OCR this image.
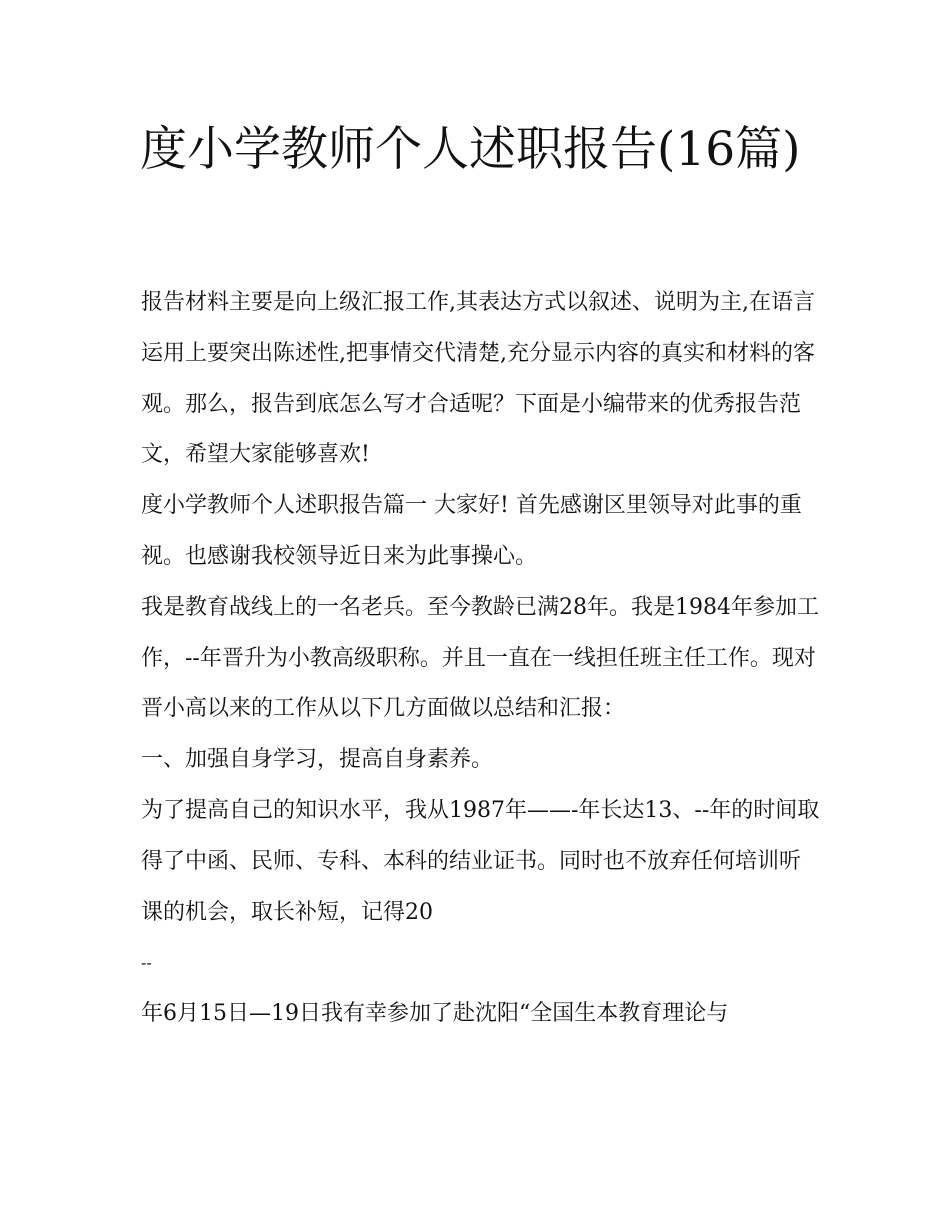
度小学教师个人述职报告(16篇)

报告材料主要是向上级汇报工作,其表达方式以叙述、说明为主,在语言运用上要突出陈述性,把事情交代清楚,充分显示内容的真实和材料的客观。那么，报告到底怎么写才合适呢？下面是小编带来的优秀报告范文，希望大家能够喜欢!

度小学教师个人述职报告篇一 大家好! 首先感谢区里领导对此事的重视。也感谢我校领导近日来为此事操心。

我是教育战线上的一名老兵。至今教龄已满28年。我是1984年参加工作，--年晋升为小教高级职称。并且一直在一线担任班主任工作。现对晋小高以来的工作从以下几方面做以总结和汇报：

一、加强自身学习，提高自身素养。

为了提高自己的知识水平，我从1987年——-年长达13、--年的时间取得了中函、民师、专科、本科的结业证书。同时也不放弃任何培训听课的机会，取长补短，记得20

--

年6月15日—19日我有幸参加了赴沈阳“全国生本教育理论与
